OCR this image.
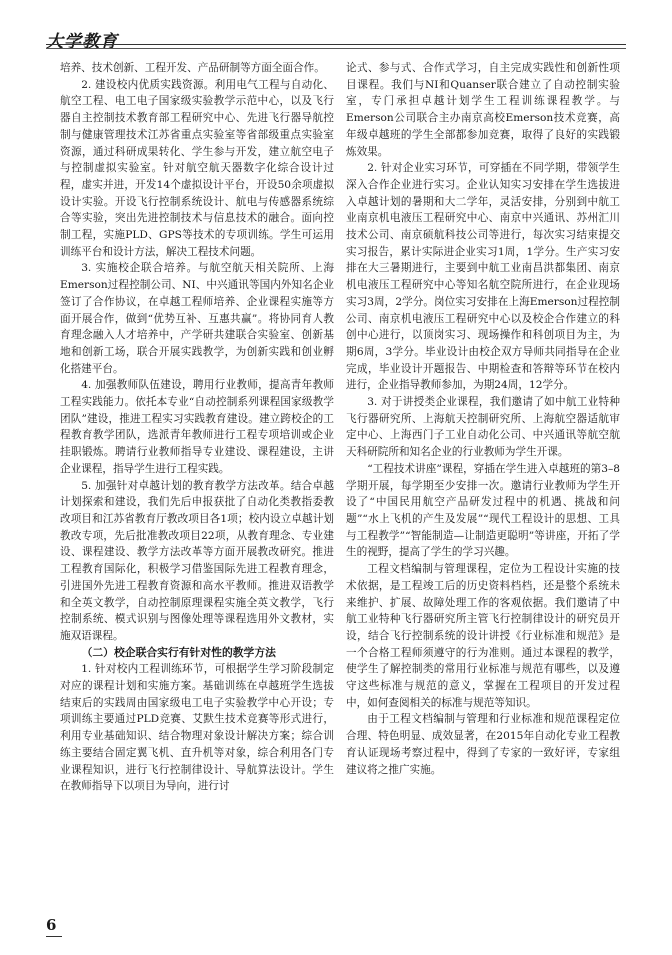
大学教育

培养、技术创新、工程开发、产品研制等方面全面合作。

2. 建设校内优质实践资源。利用电气工程与自动化、航空工程、电工电子国家级实验教学示范中心，以及飞行器自主控制技术教育部工程研究中心、先进飞行器导航控制与健康管理技术江苏省重点实验室等省部级重点实验室资源，通过科研成果转化、学生参与开发，建立航空电子与控制虚拟实验室。针对航空航天器数字化综合设计过程，虚实并进，开发14个虚拟设计平台，开设50余项虚拟设计实验。开设飞行控制系统设计、航电与传感器系统综合等实验，突出先进控制技术与信息技术的融合。面向控制工程，实施PLD、GPS等技术的专项训练。学生可运用训练平台和设计方法，解决工程技术问题。

3. 实施校企联合培养。与航空航天相关院所、上海Emerson过程控制公司、NI、中兴通讯等国内外知名企业签订了合作协议，在卓越工程师培养、企业课程实施等方面开展合作，做到“优势互补、互惠共赢”。将协同育人教育理念融入人才培养中，产学研共建联合实验室、创新基地和创新工场，联合开展实践教学，为创新实践和创业孵化搭建平台。

4. 加强教师队伍建设，聘用行业教师，提高青年教师工程实践能力。依托本专业“自动控制系列课程国家级教学团队”建设，推进工程实习实践教育建设。建立跨校企的工程教育教学团队，选派青年教师进行工程专项培训或企业挂职锻炼。聘请行业教师指导专业建设、课程建设，主讲企业课程，指导学生进行工程实践。

5. 加强针对卓越计划的教育教学方法改革。结合卓越计划探索和建设，我们先后申报获批了自动化类教指委教改项目和江苏省教育厅教改项目各1项；校内设立卓越计划教改专项，先后批准教改项目22项，从教育理念、专业建设、课程建设、教学方法改革等方面开展教改研究。推进工程教育国际化，积极学习借鉴国际先进工程教育理念，引进国外先进工程教育资源和高水平教师。推进双语教学和全英文教学，自动控制原理课程实施全英文教学，飞行控制系统、模式识别与图像处理等课程选用外文教材，实施双语课程。

（二）校企联合实行有针对性的教学方法

1. 针对校内工程训练环节，可根据学生学习阶段制定对应的课程计划和实施方案。基础训练在卓越班学生选拔结束后的实践周由国家级电工电子实验教学中心开设；专项训练主要通过PLD竞赛、艾默生技术竞赛等形式进行，利用专业基础知识、结合物理对象设计解决方案；综合训练主要结合固定翼飞机、直升机等对象，综合利用各门专业课程知识，进行飞行控制律设计、导航算法设计。学生在教师指导下以项目为导向，进行讨

论式、参与式、合作式学习，自主完成实践性和创新性项目课程。我们与NI和Quanser联合建立了自动控制实验室，专门承担卓越计划学生工程训练课程教学。与Emerson公司联合主办南京高校Emerson技术竞赛，高年级卓越班的学生全部都参加竞赛，取得了良好的实践锻炼效果。

2. 针对企业实习环节，可穿插在不同学期，带领学生深入合作企业进行实习。企业认知实习安排在学生选拔进入卓越计划的暑期和大二学年，灵活安排，分别到中航工业南京机电液压工程研究中心、南京中兴通讯、苏州汇川技术公司、南京硕航科技公司等进行，每次实习结束提交实习报告，累计实际进企业实习1周，1学分。生产实习安排在大三暑期进行，主要到中航工业南昌洪都集团、南京机电液压工程研究中心等知名航空院所进行，在企业现场实习3周，2学分。岗位实习安排在上海Emerson过程控制公司、南京机电液压工程研究中心以及校企合作建立的科创中心进行，以顶岗实习、现场操作和科创项目为主，为期6周，3学分。毕业设计由校企双方导师共同指导在企业完成，毕业设计开题报告、中期检查和答辩等环节在校内进行，企业指导教师参加，为期24周，12学分。

3. 对于讲授类企业课程，我们邀请了如中航工业特种飞行器研究所、上海航天控制研究所、上海航空器适航审定中心、上海西门子工业自动化公司、中兴通讯等航空航天科研院所和知名企业的行业教师为学生开课。

“工程技术讲座”课程，穿插在学生进入卓越班的第3–8学期开展，每学期至少安排一次。邀请行业教师为学生开设了“中国民用航空产品研发过程中的机遇、挑战和问题”“水上飞机的产生及发展”“现代工程设计的思想、工具与工程教学”“智能制造—让制造更聪明”等讲座，开拓了学生的视野，提高了学生的学习兴趣。

工程文档编制与管理课程，定位为工程设计实施的技术依据，是工程竣工后的历史资料档档，还是整个系统未来维护、扩展、故障处理工作的客观依据。我们邀请了中航工业特种飞行器研究所主管飞行控制律设计的研究员开设，结合飞行控制系统的设计讲授《行业标准和规范》是一个合格工程师须遵守的行为准则。通过本课程的教学，使学生了解控制类的常用行业标准与规范有哪些，以及遵守这些标准与规范的意义，掌握在工程项目的开发过程中，如何查阅相关的标准与规范等知识。

由于工程文档编制与管理和行业标准和规范课程定位合理、特色明显、成效显著，在2015年自动化专业工程教育认证现场考察过程中，得到了专家的一致好评，专家组建议将之推广实施。

6
